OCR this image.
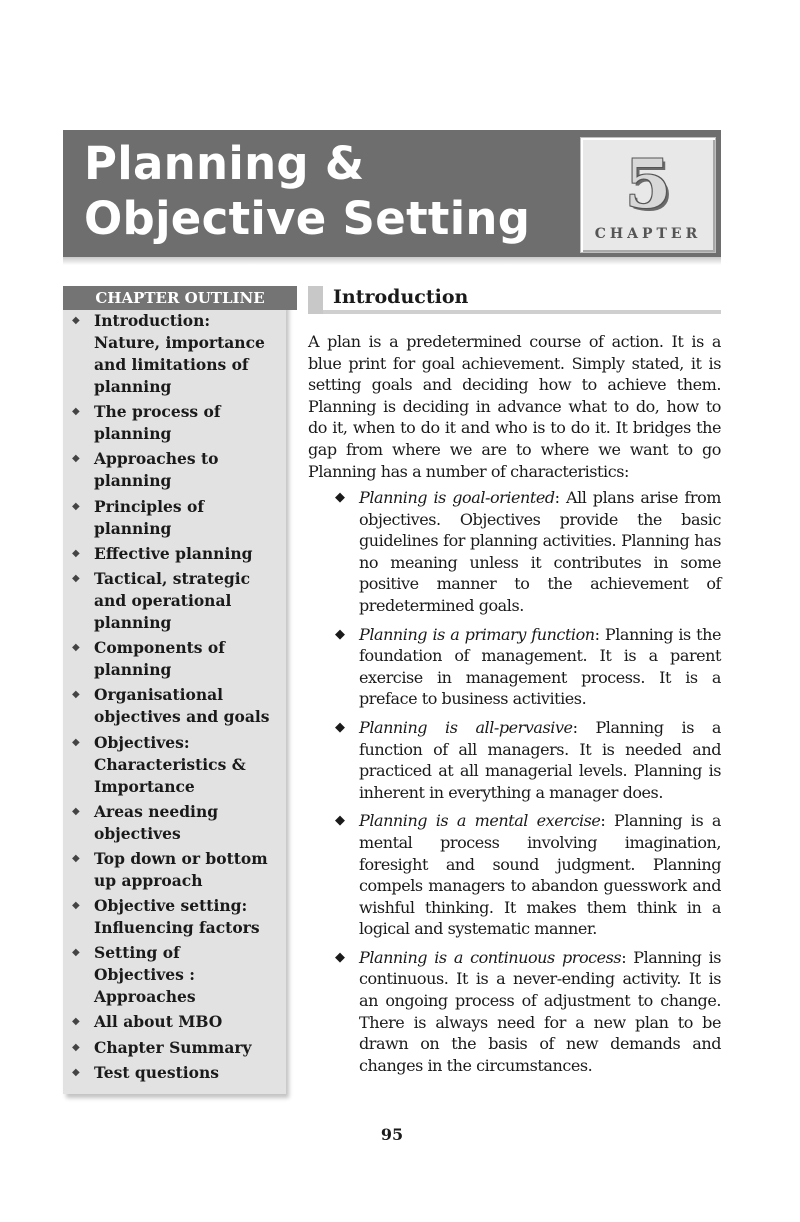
Planning &
Objective Setting	5
CHAPTER
CHAPTER OUTLINE
◆ Introduction: Nature, importance and limitations of planning
◆ The process of planning
◆ Approaches to planning
◆ Principles of planning
◆ Effective planning
◆ Tactical, strategic and operational planning
◆ Components of planning
◆ Organisational objectives and goals
◆ Objectives: Characteristics & Importance
◆ Areas needing objectives
◆ Top down or bottom up approach
◆ Objective setting: Influencing factors
◆ Setting of Objectives : Approaches
◆ All about MBO
◆ Chapter Summary
◆ Test questions
Introduction

A plan is a predetermined course of action. It is a blue print for goal achievement. Simply stated, it is setting goals and deciding how to achieve them. Planning is deciding in advance what to do, how to do it, when to do it and who is to do it. It bridges the gap from where we are to where we want to go Planning has a number of characteristics:

◆ Planning is goal-oriented: All plans arise from objectives. Objectives provide the basic guidelines for planning activities. Planning has no meaning unless it contributes in some positive manner to the achievement of predetermined goals.
◆ Planning is a primary function: Planning is the foundation of management. It is a parent exercise in management process. It is a preface to business activities.
◆ Planning is all-pervasive: Planning is a function of all managers. It is needed and practiced at all managerial levels. Planning is inherent in everything a manager does.
◆ Planning is a mental exercise: Planning is a mental process involving imagination, foresight and sound judgment. Planning compels managers to abandon guesswork and wishful thinking. It makes them think in a logical and systematic manner.
◆ Planning is a continuous process: Planning is continuous. It is a never-ending activity. It is an ongoing process of adjustment to change. There is always need for a new plan to be drawn on the basis of new demands and changes in the circumstances.
95
